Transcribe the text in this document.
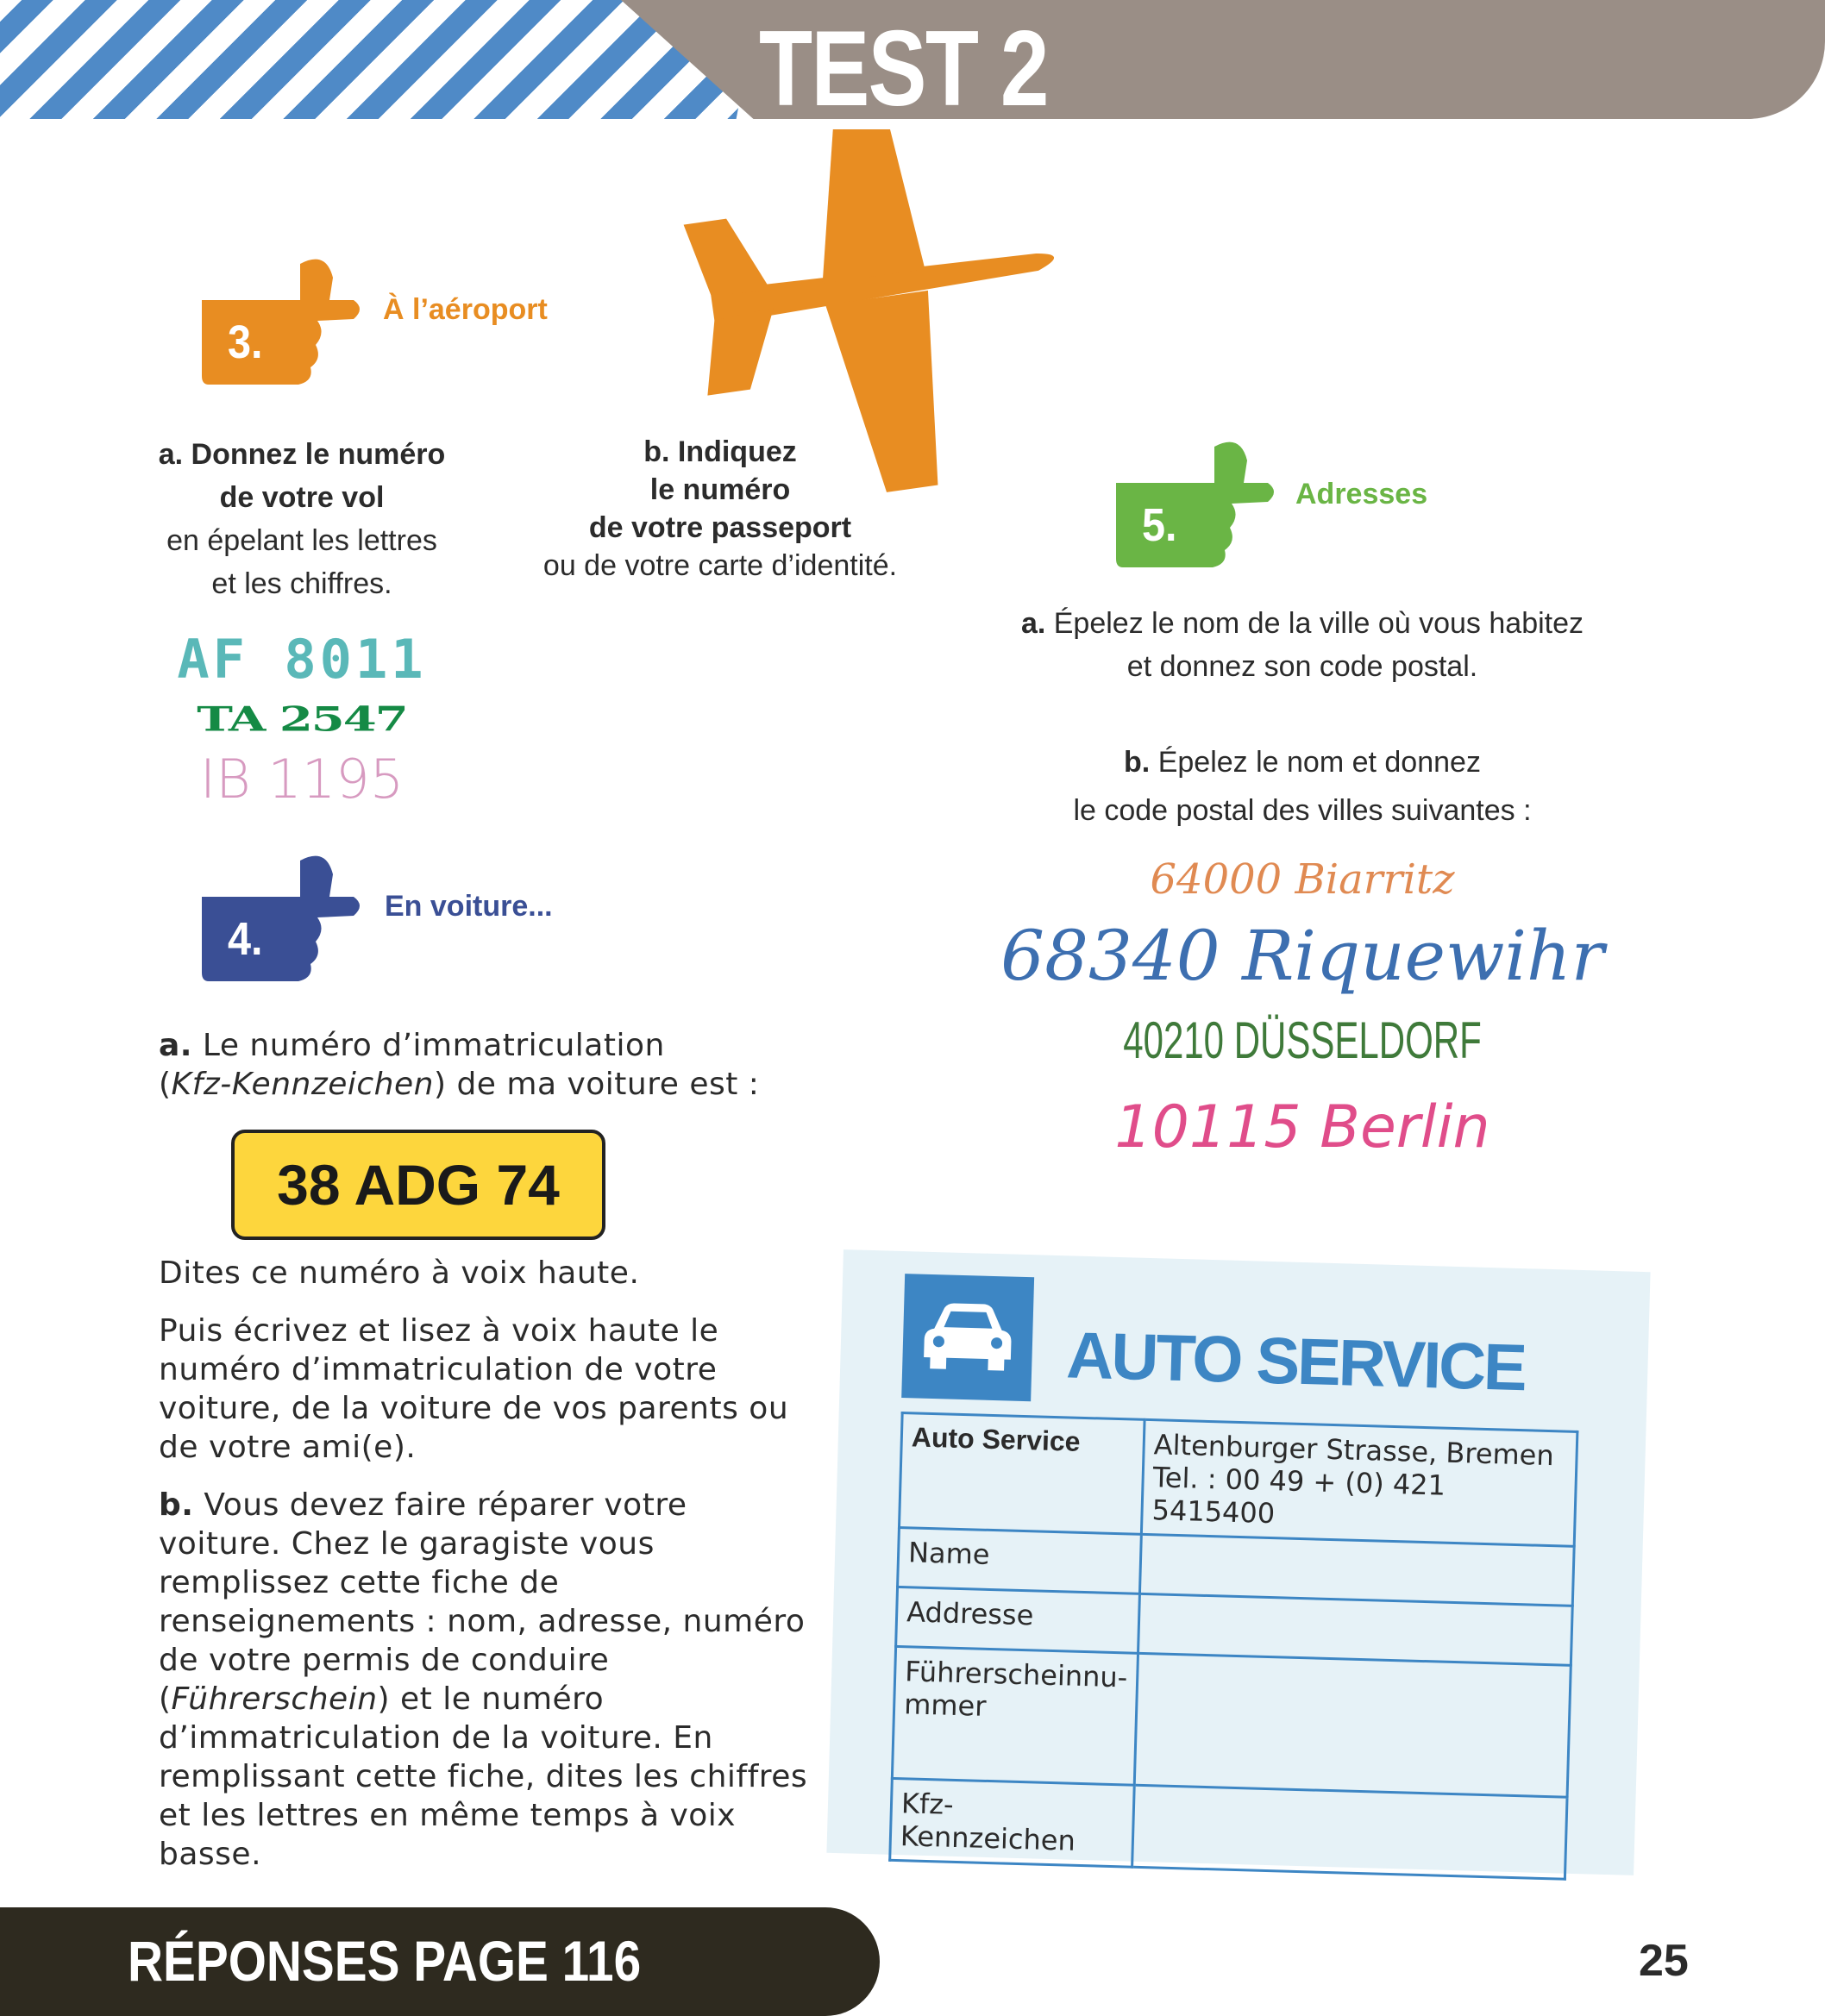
TEST 2
3.
À l’aéroport
a. Donnez le numéro
de votre vol
en épelant les lettres
et les chiffres.
b. Indiquez
le numéro
de votre passeport
ou de votre carte d’identité.
AF 8011
TA 2547
IB 1195
4.
En voiture...
a. Le numéro d’immatriculation
(Kfz-Kennzeichen) de ma voiture est :
38 ADG 74

Dites ce numéro à voix haute.

Puis écrivez et lisez à voix haute le numéro d’immatriculation de votre voiture, de la voiture de vos parents ou de votre ami(e).

b. Vous devez faire réparer votre voiture. Chez le garagiste vous remplissez cette fiche de renseignements : nom, adresse, numéro de votre permis de conduire (Führerschein) et le numéro d’immatriculation de la voiture. En remplissant cette fiche, dites les chiffres et les lettres en même temps à voix basse.

5.
Adresses
a. Épelez le nom de la ville où vous habitez
et donnez son code postal.
b. Épelez le nom et donnez
le code postal des villes suivantes :
64000 Biarritz
68340 Riquewihr
40210 DÜSSELDORF
10115 Berlin
AUTO SERVICE
Auto Service	Altenburger Strasse, Bremen
Tel. : 00 49 + (0) 421 5415400

Name	
Addresse	
Führerscheinnu-
mmer	
Kfz-Kennzeichen	
RÉPONSES PAGE 116	25
